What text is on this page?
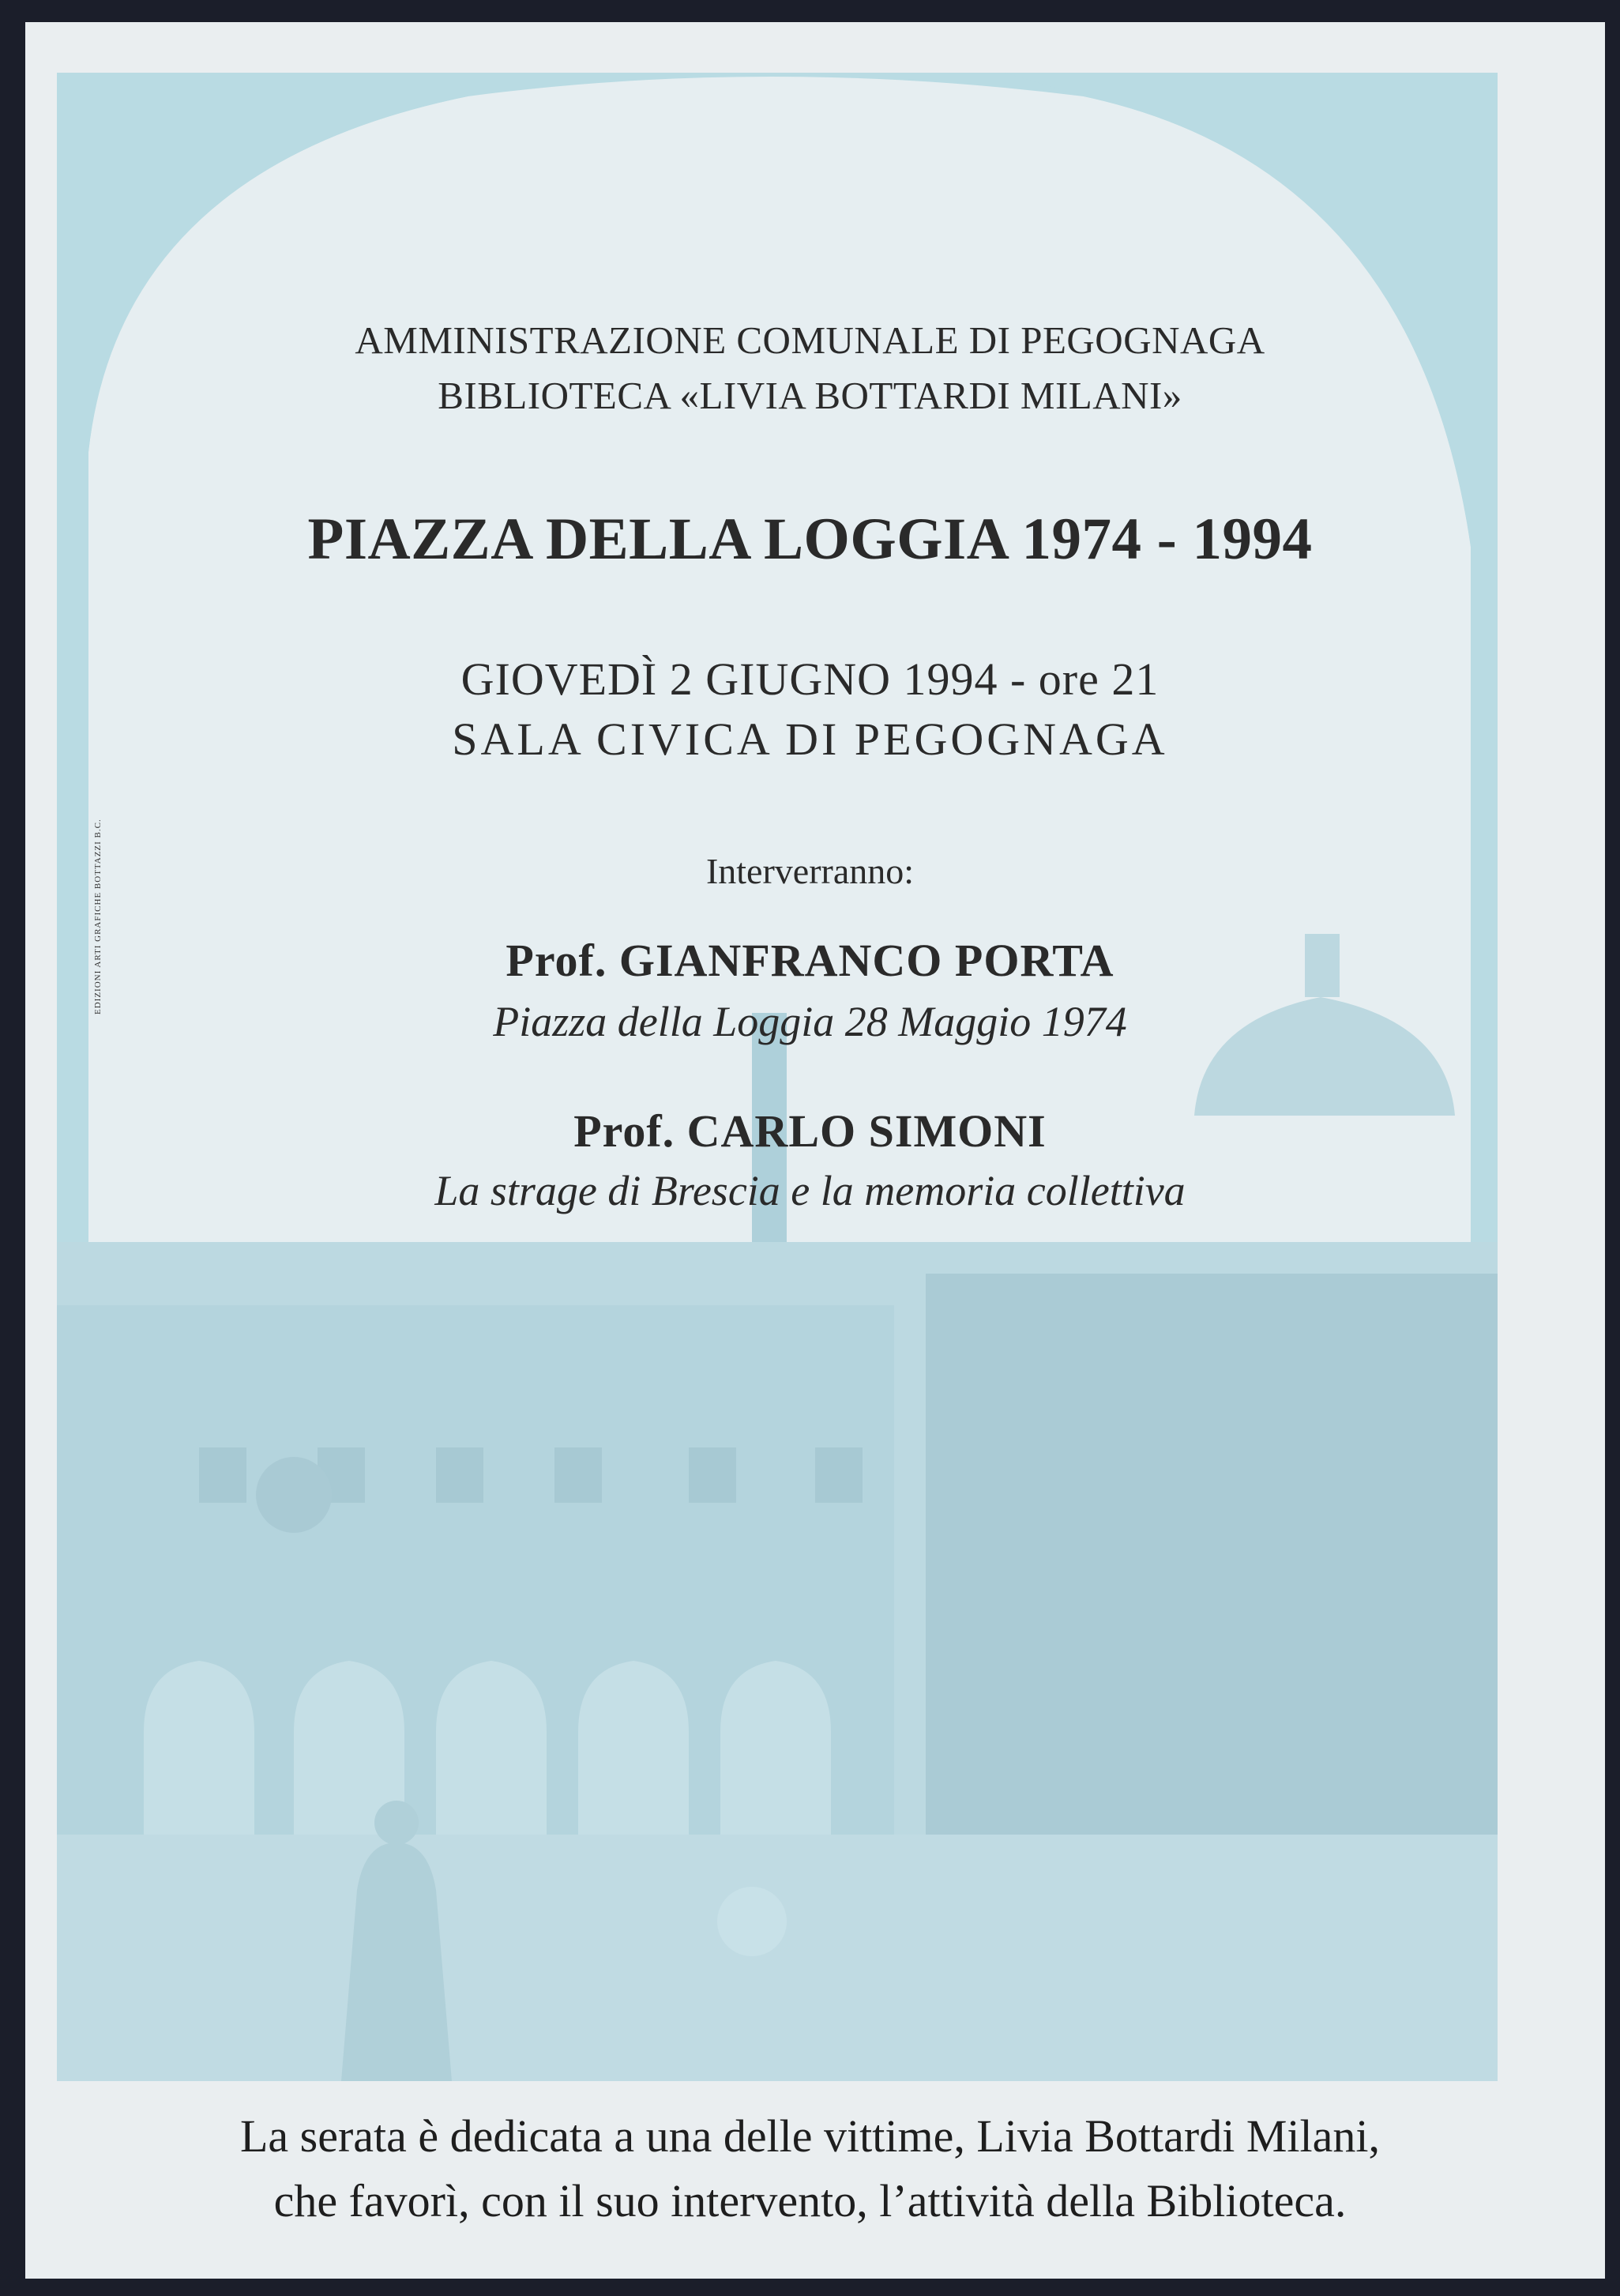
EDIZIONI ARTI GRAFICHE BOTTAZZI B.C.
AMMINISTRAZIONE COMUNALE DI PEGOGNAGA
BIBLIOTECA «LIVIA BOTTARDI MILANI»
PIAZZA DELLA LOGGIA 1974 - 1994
GIOVEDÌ 2 GIUGNO 1994 - ore 21
SALA CIVICA DI PEGOGNAGA
Interverranno:
Prof. GIANFRANCO PORTA
Piazza della Loggia 28 Maggio 1974
Prof. CARLO SIMONI
La strage di Brescia e la memoria collettiva
La serata è dedicata a una delle vittime, Livia Bottardi Milani,
che favorì, con il suo intervento, l’attività della Biblioteca.
